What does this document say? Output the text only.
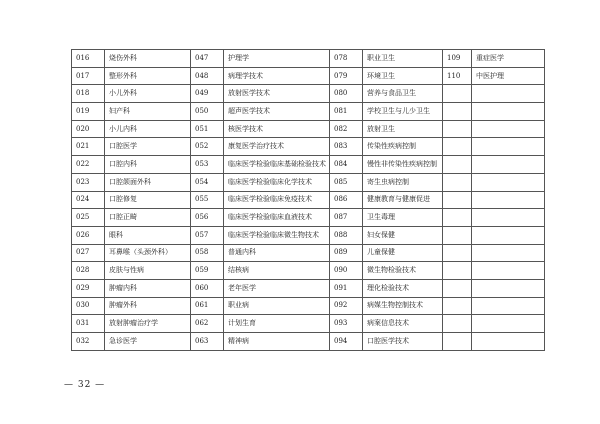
016	烧伤外科	047	护理学	078	职业卫生	109	重症医学
017	整形外科	048	病理学技术	079	环境卫生	110	中医护理
018	小儿外科	049	放射医学技术	080	营养与食品卫生		
019	妇产科	050	超声医学技术	081	学校卫生与儿少卫生		
020	小儿内科	051	核医学技术	082	放射卫生		
021	口腔医学	052	康复医学治疗技术	083	传染性疾病控制		
022	口腔内科	053	临床医学检验临床基础检验技术	084	慢性非传染性疾病控制		
023	口腔颌面外科	054	临床医学检验临床化学技术	085	寄生虫病控制		
024	口腔修复	055	临床医学检验临床免疫技术	086	健康教育与健康促进		
025	口腔正畸	056	临床医学检验临床血液技术	087	卫生毒理		
026	眼科	057	临床医学检验临床微生物技术	088	妇女保健		
027	耳鼻喉（头颈外科）	058	普通内科	089	儿童保健		
028	皮肤与性病	059	结核病	090	微生物检验技术		
029	肿瘤内科	060	老年医学	091	理化检验技术		
030	肿瘤外科	061	职业病	092	病媒生物控制技术		
031	放射肿瘤治疗学	062	计划生育	093	病案信息技术		
032	急诊医学	063	精神病	094	口腔医学技术		
— 32 —
